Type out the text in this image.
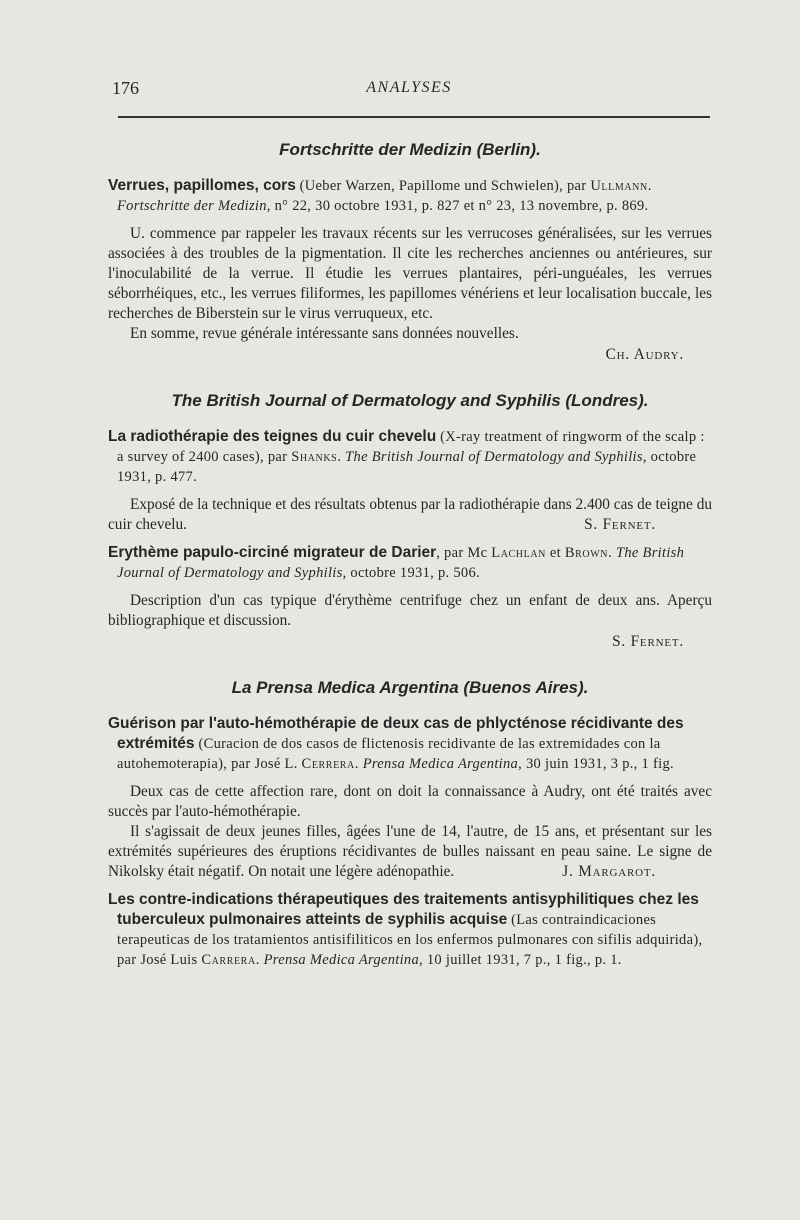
176	ANALYSES
Fortschritte der Medizin (Berlin).

Verrues, papillomes, cors (Ueber Warzen, Papillome und Schwielen), par Ullmann. Fortschritte der Medizin, n° 22, 30 octobre 1931, p. 827 et n° 23, 13 novembre, p. 869.

U. commence par rappeler les travaux récents sur les verrucoses généralisées, sur les verrues associées à des troubles de la pigmentation. Il cite les recherches anciennes ou antérieures, sur l'inoculabilité de la verrue. Il étudie les verrues plantaires, péri-unguéales, les verrues séborrhéiques, etc., les verrues filiformes, les papillomes vénériens et leur localisation buccale, les recherches de Biberstein sur le virus verruqueux, etc.

En somme, revue générale intéressante sans données nouvelles.

Ch. Audry.

The British Journal of Dermatology and Syphilis (Londres).

La radiothérapie des teignes du cuir chevelu (X-ray treatment of ringworm of the scalp : a survey of 2400 cases), par Shanks. The British Journal of Dermatology and Syphilis, octobre 1931, p. 477.

Exposé de la technique et des résultats obtenus par la radiothérapie dans 2.400 cas de teigne du cuir chevelu.	S. Fernet.

Erythème papulo-circiné migrateur de Darier, par Mc Lachlan et Brown. The British Journal of Dermatology and Syphilis, octobre 1931, p. 506.

Description d'un cas typique d'érythème centrifuge chez un enfant de deux ans. Aperçu bibliographique et discussion.

S. Fernet.

La Prensa Medica Argentina (Buenos Aires).

Guérison par l'auto-hémothérapie de deux cas de phlycténose récidivante des extrémités (Curacion de dos casos de flictenosis recidivante de las extremidades con la autohemoterapia), par José L. Cerrera. Prensa Medica Argentina, 30 juin 1931, 3 p., 1 fig.

Deux cas de cette affection rare, dont on doit la connaissance à Audry, ont été traités avec succès par l'auto-hémothérapie.

Il s'agissait de deux jeunes filles, âgées l'une de 14, l'autre, de 15 ans, et présentant sur les extrémités supérieures des éruptions récidivantes de bulles naissant en peau saine. Le signe de Nikolsky était négatif. On notait une légère adénopathie.	J. Margarot.

Les contre-indications thérapeutiques des traitements antisyphilitiques chez les tuberculeux pulmonaires atteints de syphilis acquise (Las contraindicaciones terapeuticas de los tratamientos antisifiliticos en los enfermos pulmonares con sifilis adquirida), par José Luis Carrera. Prensa Medica Argentina, 10 juillet 1931, 7 p., 1 fig., p. 1.
